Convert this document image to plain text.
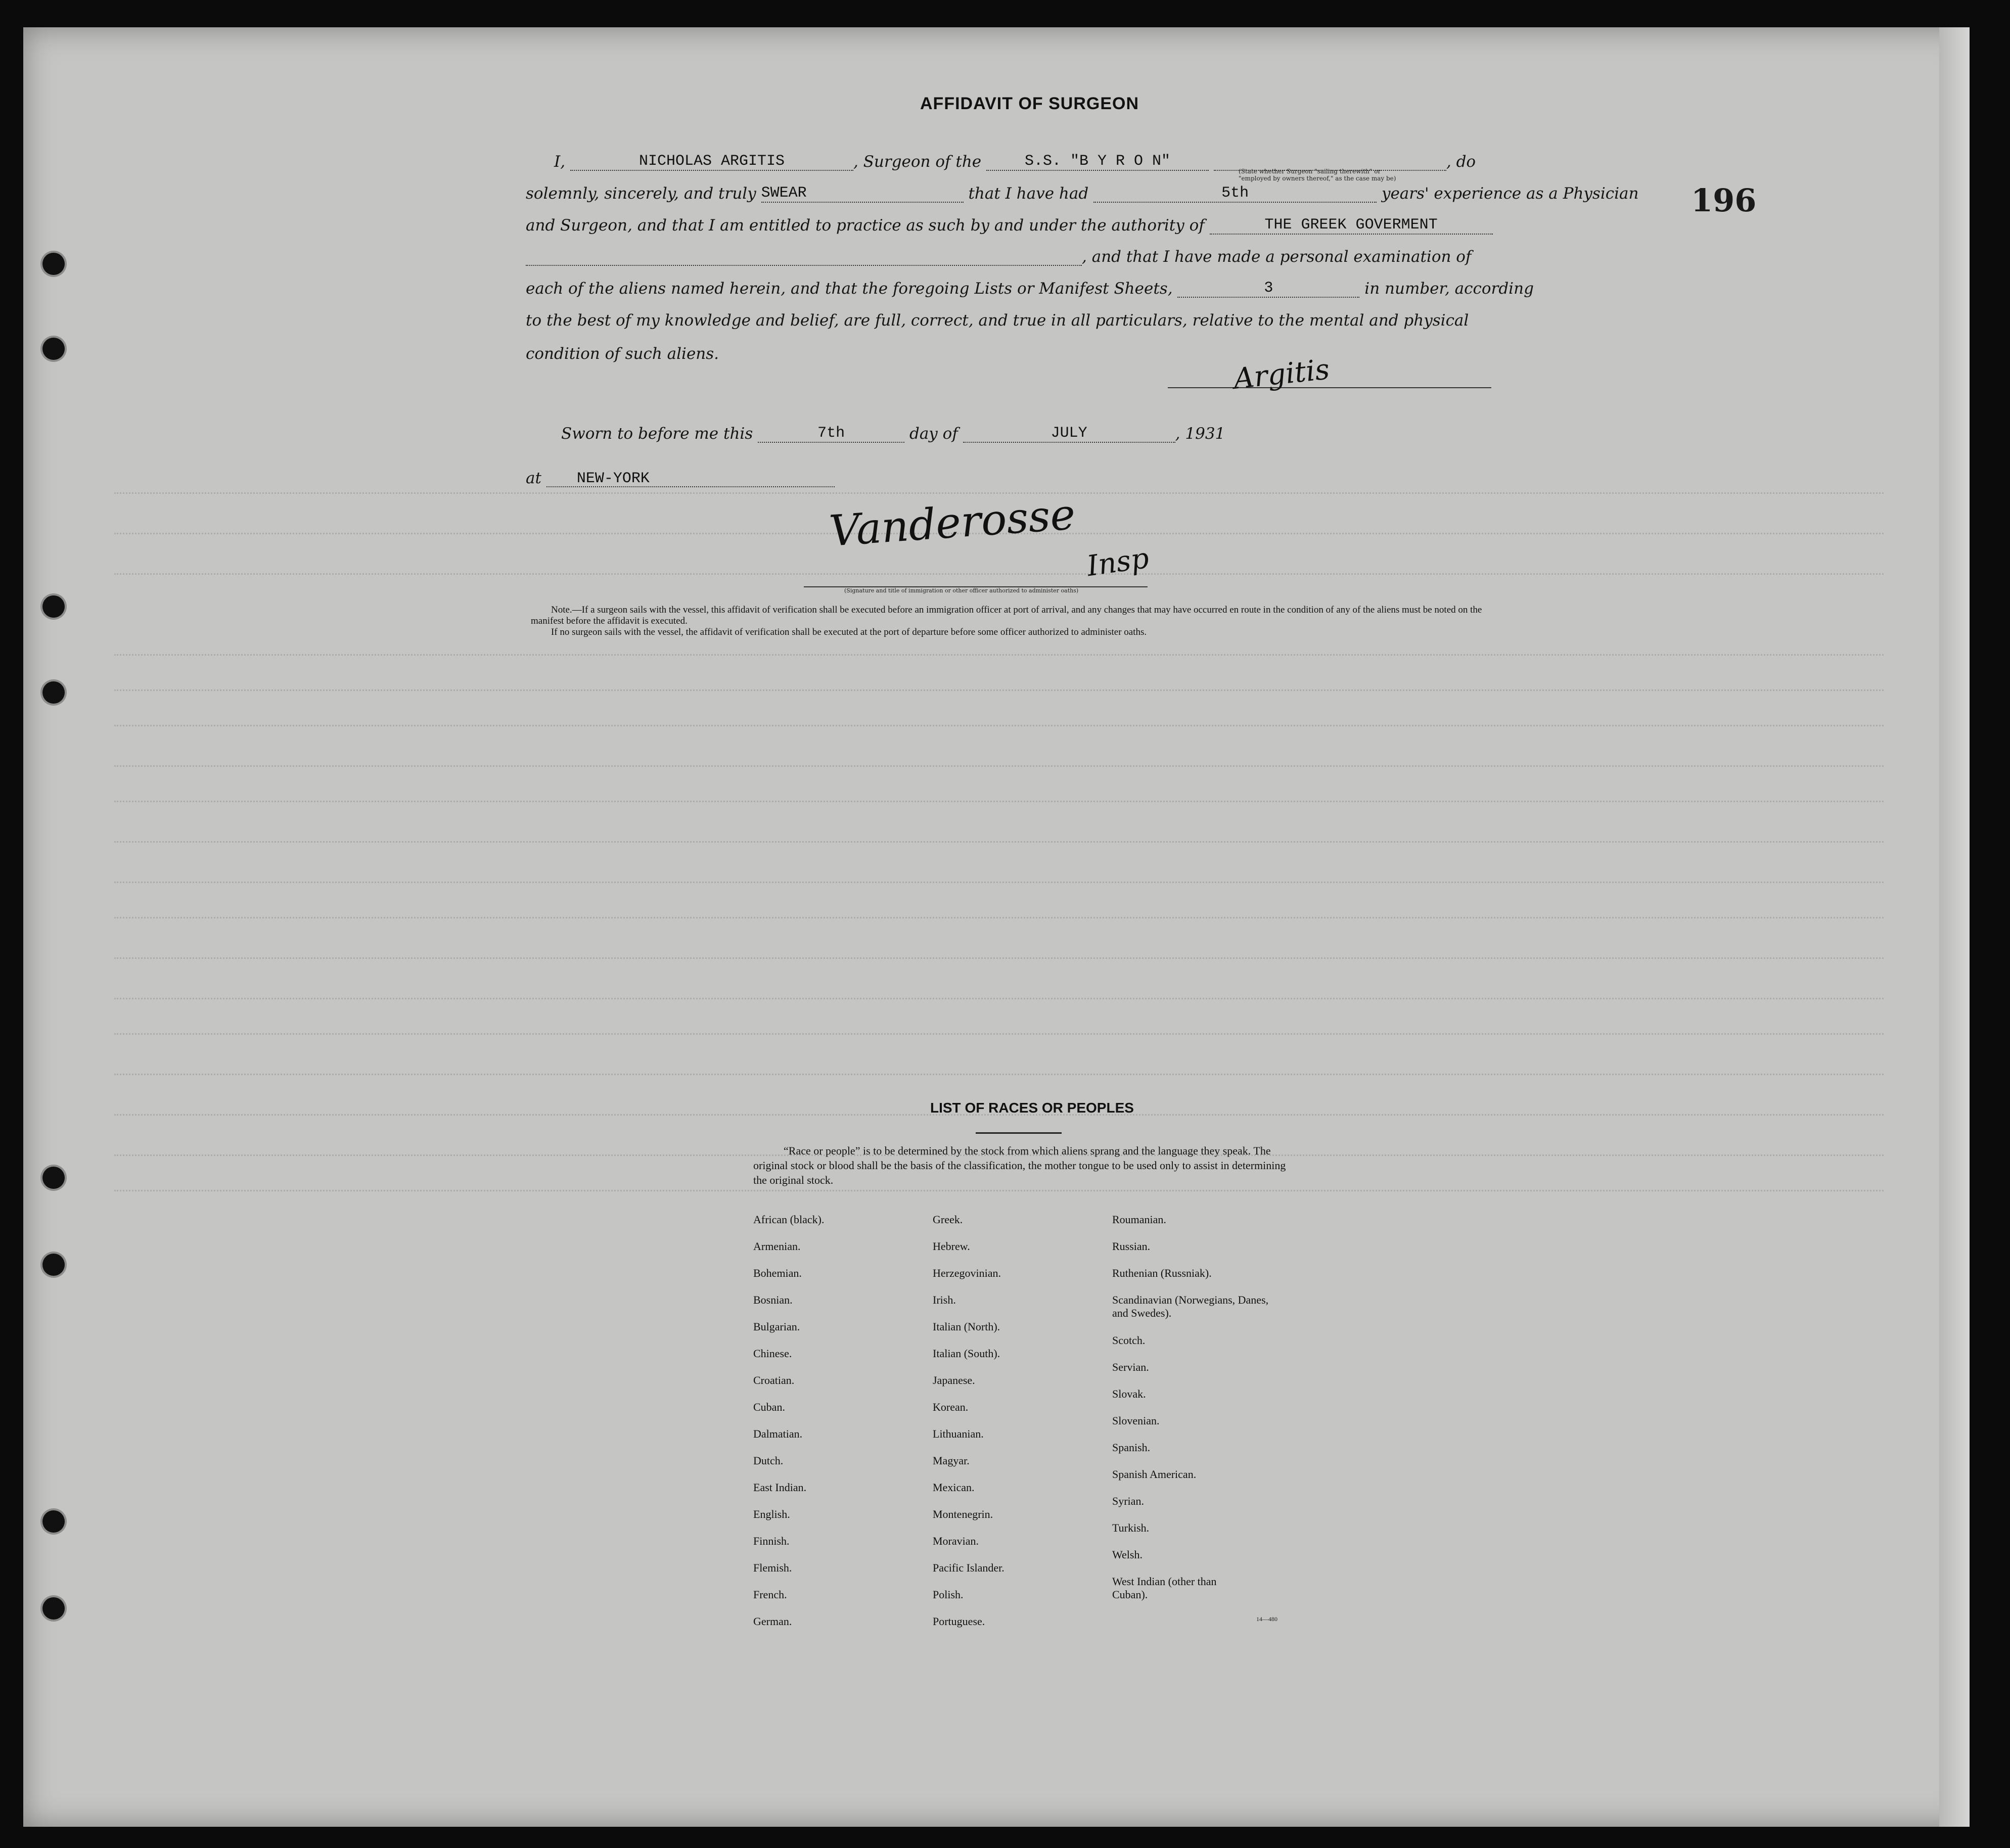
196
AFFIDAVIT OF SURGEON
I,	NICHOLAS ARGITIS	, Surgeon of the	S.S. "B Y R O N"	, do
(State whether Surgeon "sailing therewith" or "employed by owners thereof," as the case may be)
solemnly, sincerely, and truly SWEAR	that I have had	5th	years' experience as a Physician
and Surgeon, and that I am entitled to practice as such by and under the authority of	THE GREEK GOVERMENT
, and that I have made a personal examination of
each of the aliens named herein, and that the foregoing Lists or Manifest Sheets,	3	in number, according
to the best of my knowledge and belief, are full, correct, and true in all particulars, relative to the mental and physical
condition of such aliens.	Argitis
Sworn to before me this	7th	day of	JULY	, 1931
at NEW-YORK
Vanderosse
Insp
(Signature and title of immigration or other officer authorized to administer oaths)
Note.—If a surgeon sails with the vessel, this affidavit of verification shall be executed before an immigration officer at port of arrival, and any changes that may have occurred en route in the condition of any of the aliens must be noted on the manifest before the affidavit is executed.
If no surgeon sails with the vessel, the affidavit of verification shall be executed at the port of departure before some officer authorized to administer oaths.
LIST OF RACES OR PEOPLES
“Race or people” is to be determined by the stock from which aliens sprang and the language they speak. The original stock or blood shall be the basis of the classification, the mother tongue to be used only to assist in determining the original stock.
African (black).
Armenian.
Bohemian.
Bosnian.
Bulgarian.
Chinese.
Croatian.
Cuban.
Dalmatian.
Dutch.
East Indian.
English.
Finnish.
Flemish.
French.
German.
Greek.
Hebrew.
Herzegovinian.
Irish.
Italian (North).
Italian (South).
Japanese.
Korean.
Lithuanian.
Magyar.
Mexican.
Montenegrin.
Moravian.
Pacific Islander.
Polish.
Portuguese.
Roumanian.
Russian.
Ruthenian (Russniak).
Scandinavian (Norwegians, Danes, and Swedes).
Scotch.
Servian.
Slovak.
Slovenian.
Spanish.
Spanish American.
Syrian.
Turkish.
Welsh.
West Indian (other than Cuban).
14—480
